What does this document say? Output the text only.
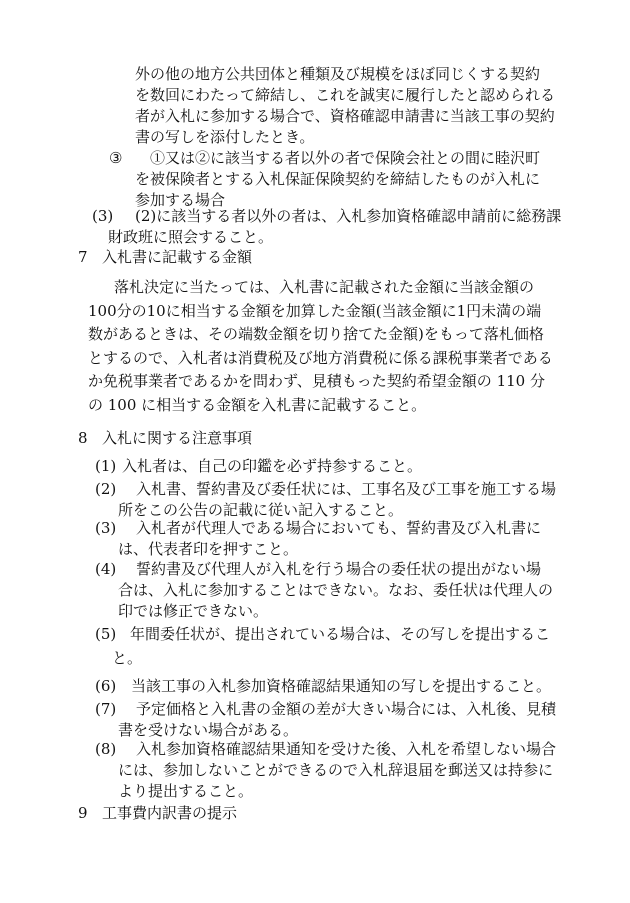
外の他の地方公共団体と種類及び規模をほぼ同じくする契約
を数回にわたって締結し、これを誠実に履行したと認められる
者が入札に参加する場合で、資格確認申請書に当該工事の契約
書の写しを添付したとき。
③	①又は②に該当する者以外の者で保険会社との間に睦沢町
を被保険者とする入札保証保険契約を締結したものが入札に
参加する場合
(3)	(2)に該当する者以外の者は、入札参加資格確認申請前に総務課
財政班に照会すること。
7 入札書に記載する金額
落札決定に当たっては、入札書に記載された金額に当該金額の
100分の10に相当する金額を加算した金額(当該金額に1円未満の端
数があるときは、その端数金額を切り捨てた金額)をもって落札価格
とするので、入札者は消費税及び地方消費税に係る課税事業者である
か免税事業者であるかを問わず、見積もった契約希望金額の 110 分
の 100 に相当する金額を入札書に記載すること。
8 入札に関する注意事項
(1) 入札者は、自己の印鑑を必ず持参すること。
(2)	入札書、誓約書及び委任状には、工事名及び工事を施工する場
所をこの公告の記載に従い記入すること。
(3)	入札者が代理人である場合においても、誓約書及び入札書に
は、代表者印を押すこと。
(4)	誓約書及び代理人が入札を行う場合の委任状の提出がない場
合は、入札に参加することはできない。なお、委任状は代理人の
印では修正できない。
(5) 年間委任状が、提出されている場合は、その写しを提出するこ
と。
(6) 当該工事の入札参加資格確認結果通知の写しを提出すること。
(7)	予定価格と入札書の金額の差が大きい場合には、入札後、見積
書を受けない場合がある。
(8)	入札参加資格確認結果通知を受けた後、入札を希望しない場合
には、参加しないことができるので入札辞退届を郵送又は持参に
より提出すること。
9 工事費内訳書の提示
